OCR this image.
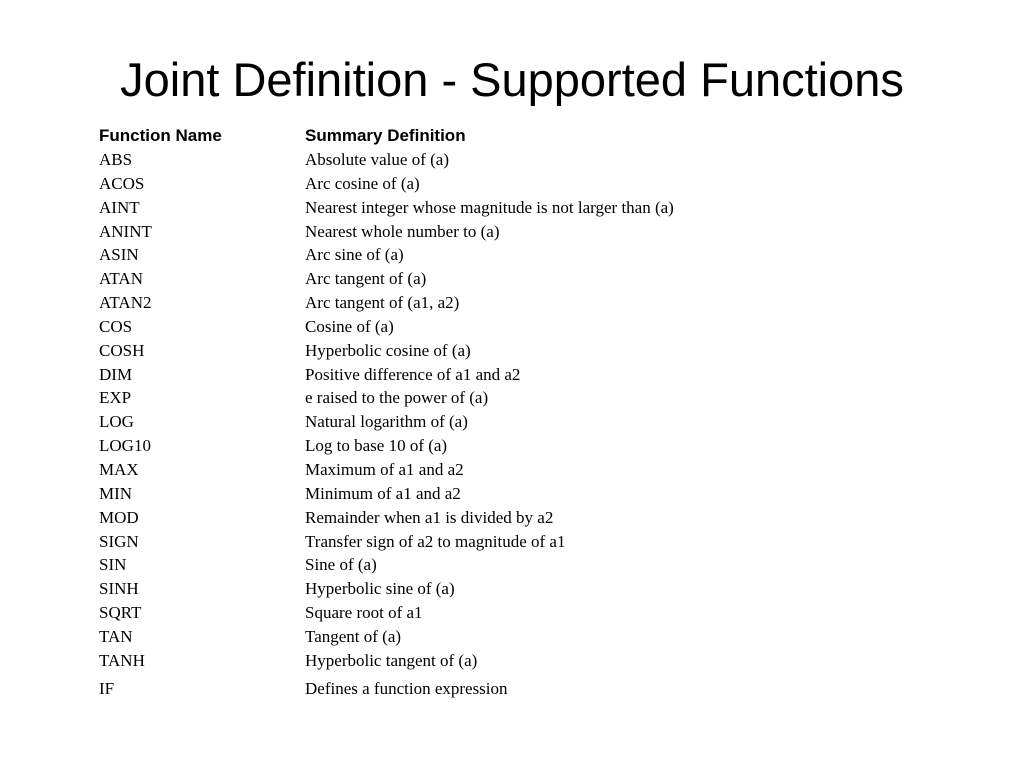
Joint Definition - Supported Functions
Function Name	Summary Definition
ABS	Absolute value of (a)
ACOS	Arc cosine of (a)
AINT	Nearest integer whose magnitude is not larger than (a)
ANINT	Nearest whole number to (a)
ASIN	Arc sine of (a)
ATAN	Arc tangent of (a)
ATAN2	Arc tangent of (a1, a2)
COS	Cosine of (a)
COSH	Hyperbolic cosine of (a)
DIM	Positive difference of a1 and a2
EXP	e raised to the power of (a)
LOG	Natural logarithm of (a)
LOG10	Log to base 10 of (a)
MAX	Maximum of a1 and a2
MIN	Minimum of a1 and a2
MOD	Remainder when a1 is divided by a2
SIGN	Transfer sign of a2 to magnitude of a1
SIN	Sine of (a)
SINH	Hyperbolic sine of (a)
SQRT	Square root of a1
TAN	Tangent of (a)
TANH	Hyperbolic tangent of (a)
IF	Defines a function expression
